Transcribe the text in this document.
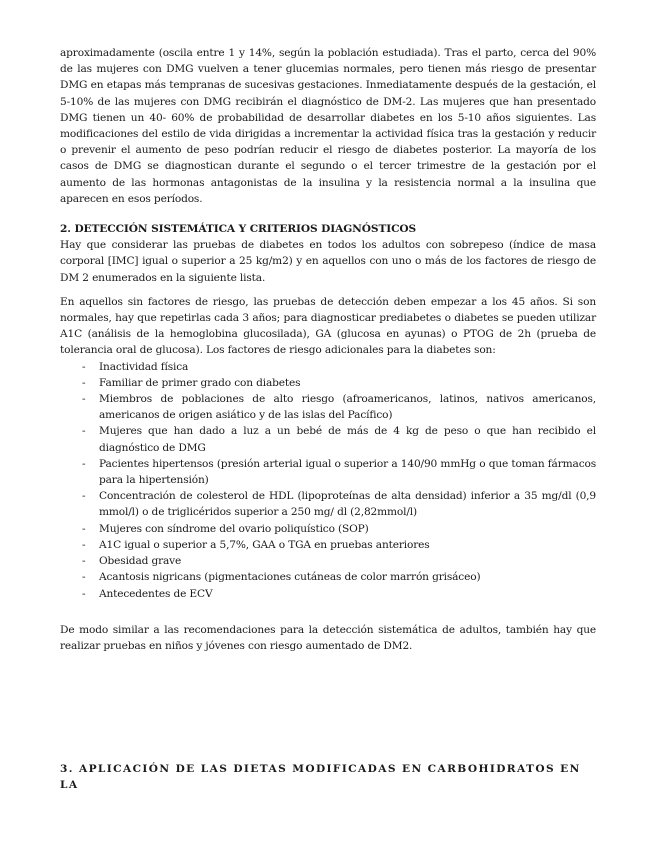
aproximadamente (oscila entre 1 y 14%, según la población estudiada). Tras el parto, cerca del 90% de las mujeres con DMG vuelven a tener glucemias normales, pero tienen más riesgo de presentar DMG en etapas más tempranas de sucesivas gestaciones. Inmediatamente después de la gestación, el 5-10% de las mujeres con DMG recibirán el diagnóstico de DM-2. Las mujeres que han presentado DMG tienen un 40- 60% de probabilidad de desarrollar diabetes en los 5-10 años siguientes. Las modificaciones del estilo de vida dirigidas a incrementar la actividad física tras la gestación y reducir o prevenir el aumento de peso podrían reducir el riesgo de diabetes posterior. La mayoría de los casos de DMG se diagnostican durante el segundo o el tercer trimestre de la gestación por el aumento de las hormonas antagonistas de la insulina y la resistencia normal a la insulina que aparecen en esos períodos.

2. DETECCIÓN SISTEMÁTICA Y CRITERIOS DIAGNÓSTICOS

Hay que considerar las pruebas de diabetes en todos los adultos con sobrepeso (índice de masa corporal [IMC] igual o superior a 25 kg/m2) y en aquellos con uno o más de los factores de riesgo de DM 2 enumerados en la siguiente lista.

En aquellos sin factores de riesgo, las pruebas de detección deben empezar a los 45 años. Si son normales, hay que repetirlas cada 3 años; para diagnosticar prediabetes o diabetes se pueden utilizar A1C (análisis de la hemoglobina glucosilada), GA (glucosa en ayunas) o PTOG de 2h (prueba de tolerancia oral de glucosa). Los factores de riesgo adicionales para la diabetes son:

- Inactividad física
- Familiar de primer grado con diabetes
- Miembros de poblaciones de alto riesgo (afroamericanos, latinos, nativos americanos, americanos de origen asiático y de las islas del Pacífico)
- Mujeres que han dado a luz a un bebé de más de 4 kg de peso o que han recibido el diagnóstico de DMG
- Pacientes hipertensos (presión arterial igual o superior a 140/90 mmHg o que toman fármacos para la hipertensión)
- Concentración de colesterol de HDL (lipoproteínas de alta densidad) inferior a 35 mg/dl (0,9 mmol/l) o de triglicéridos superior a 250 mg/ dl (2,82mmol/l)
- Mujeres con síndrome del ovario poliquístico (SOP)
- A1C igual o superior a 5,7%, GAA o TGA en pruebas anteriores
- Obesidad grave
- Acantosis nigricans (pigmentaciones cutáneas de color marrón grisáceo)
- Antecedentes de ECV

De modo similar a las recomendaciones para la detección sistemática de adultos, también hay que realizar pruebas en niños y jóvenes con riesgo aumentado de DM2.

3. APLICACIÓN DE LAS DIETAS MODIFICADAS EN CARBOHIDRATOS EN LA
